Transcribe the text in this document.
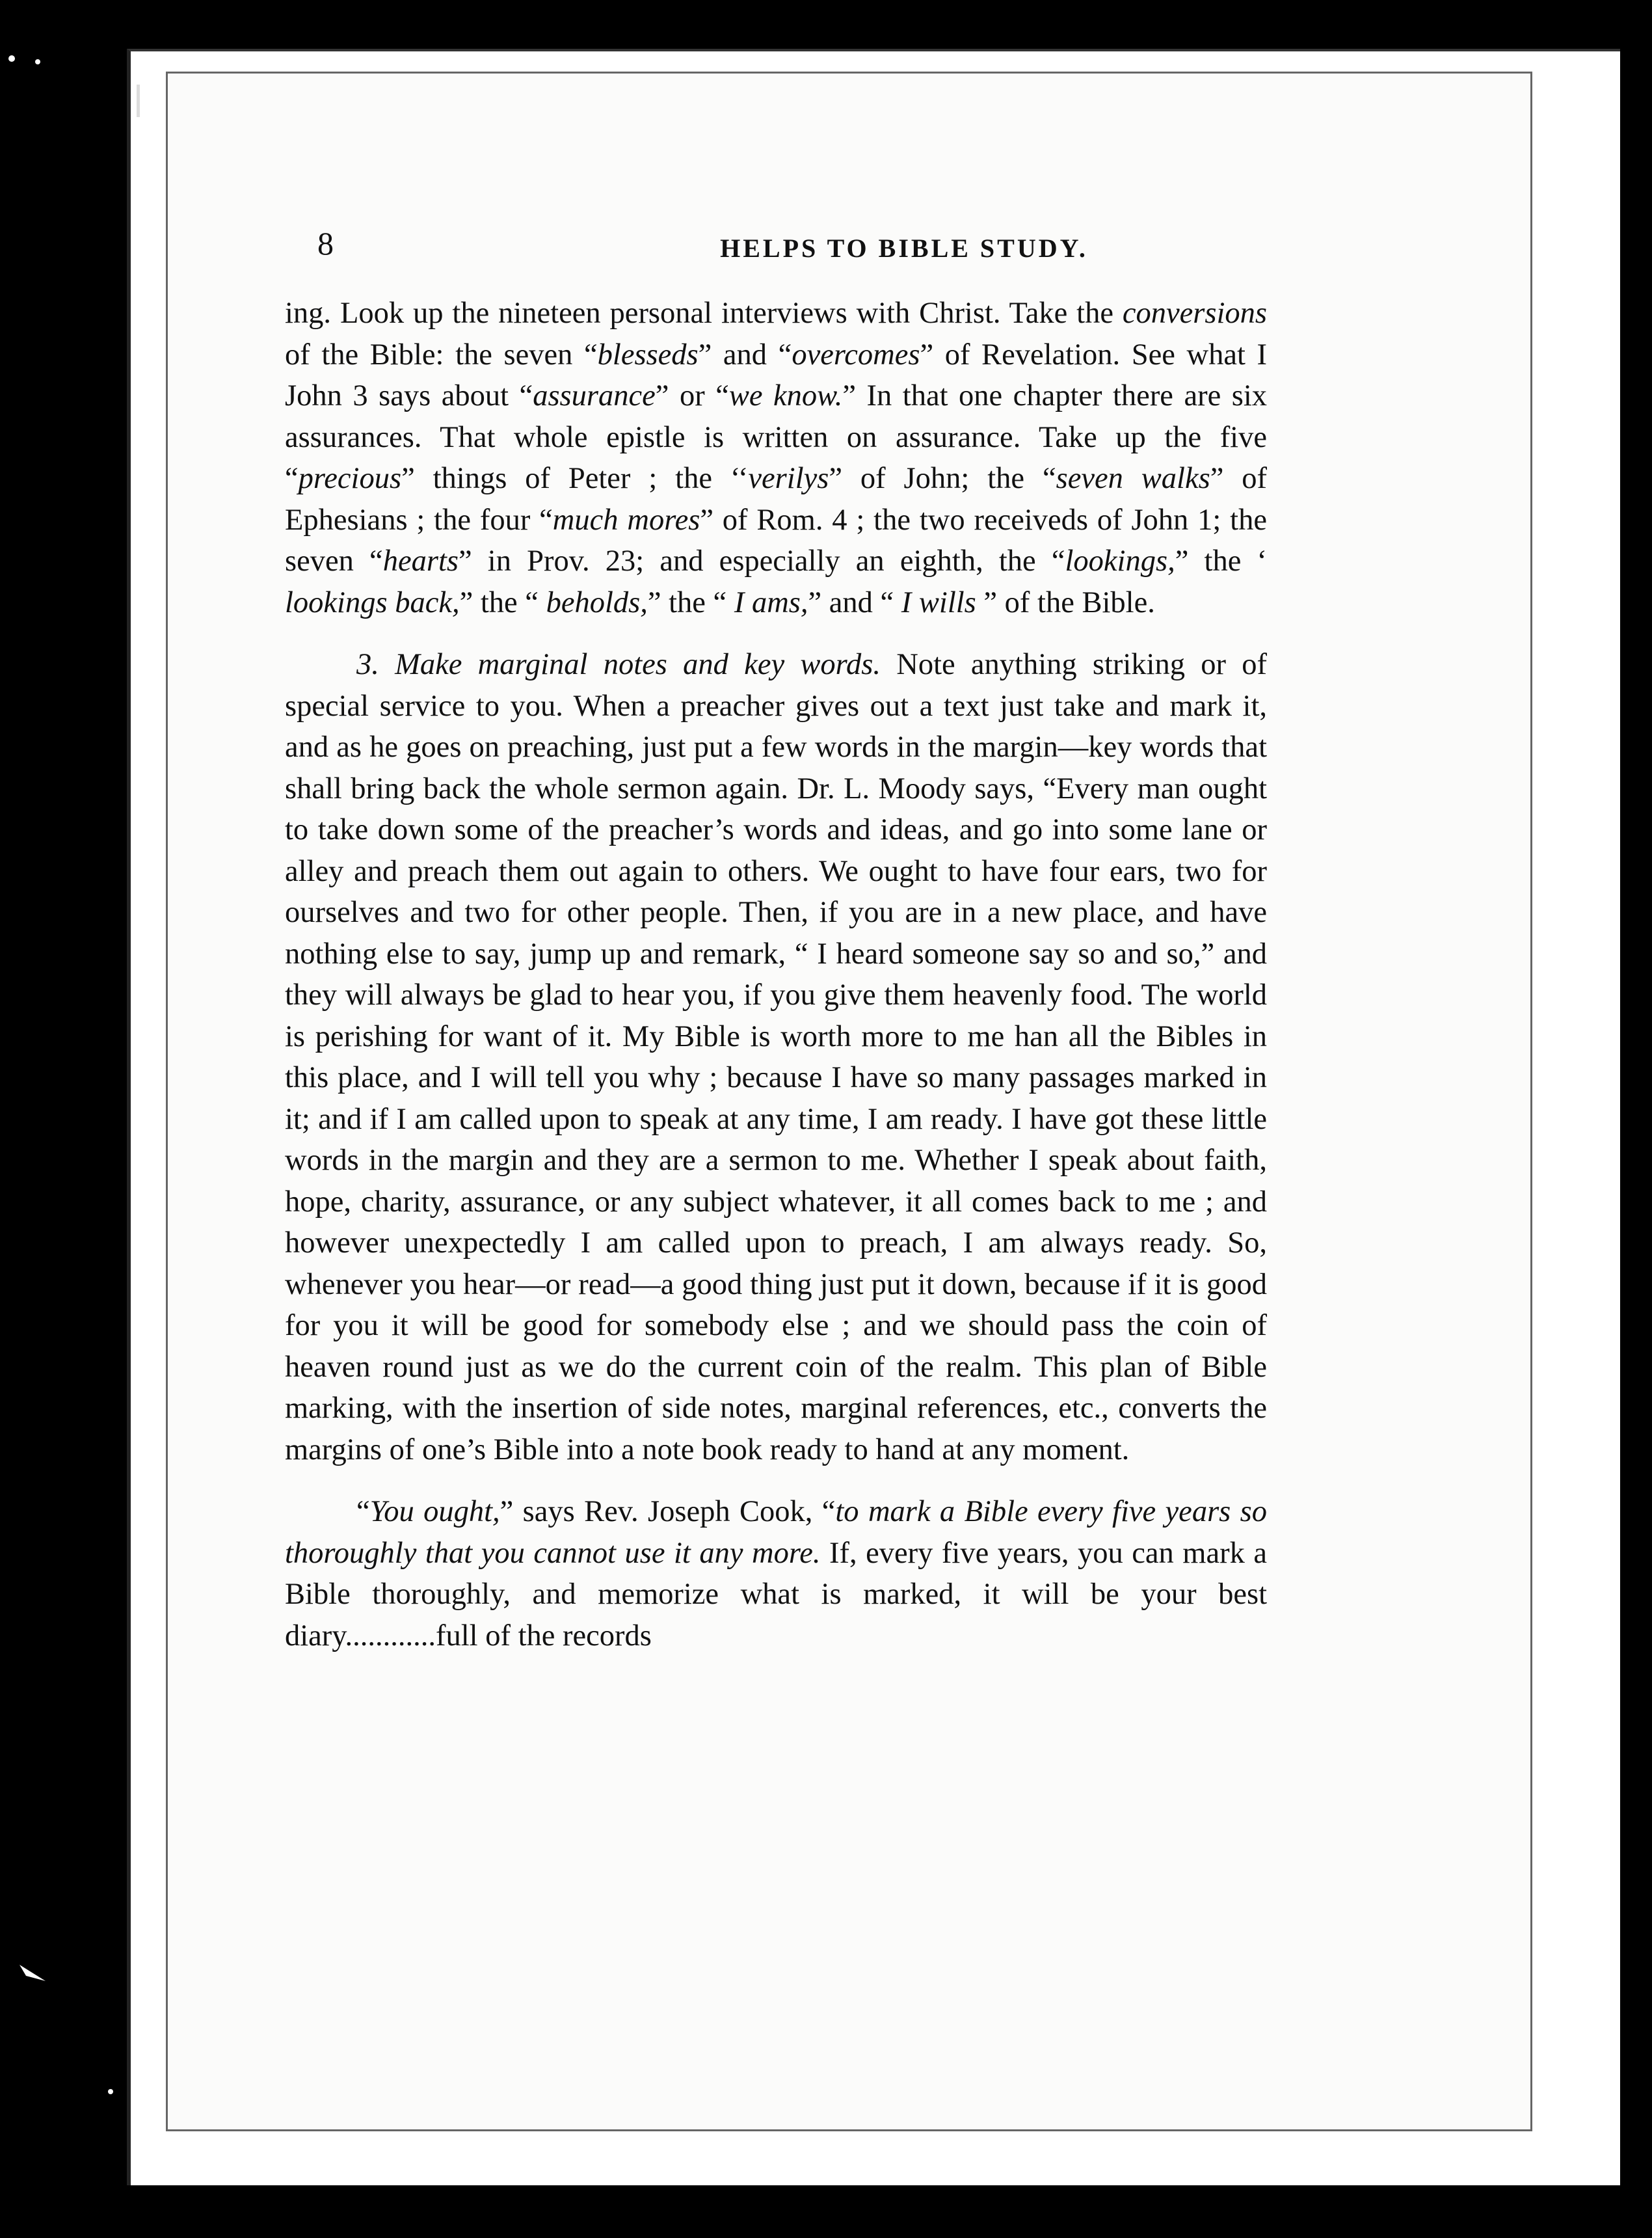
8	HELPS TO BIBLE STUDY.

ing. Look up the nineteen personal interviews with Christ. Take the conversions of the Bible: the seven “blesseds” and “overcomes” of Revelation. See what I John 3 says about “assurance” or “we know.” In that one chapter there are six assurances. That whole epistle is written on assurance. Take up the five “precious” things of Peter ; the ‘‘verilys” of John; the “seven walks” of Ephesians ; the four “much mores” of Rom. 4 ; the two receiveds of John 1; the seven “hearts” in Prov. 23; and especially an eighth, the “lookings,” the ‘ lookings back,” the “ beholds,” the “ I ams,” and “ I wills ” of the Bible.

3. Make marginal notes and key words. Note anything striking or of special service to you. When a preacher gives out a text just take and mark it, and as he goes on preaching, just put a few words in the margin—key words that shall bring back the whole sermon again. Dr. L. Moody says, “Every man ought to take down some of the preacher’s words and ideas, and go into some lane or alley and preach them out again to others. We ought to have four ears, two for ourselves and two for other people. Then, if you are in a new place, and have nothing else to say, jump up and remark, “ I heard someone say so and so,” and they will always be glad to hear you, if you give them heavenly food. The world is perishing for want of it. My Bible is worth more to me han all the Bibles in this place, and I will tell you why ; because I have so many passages marked in it; and if I am called upon to speak at any time, I am ready. I have got these little words in the margin and they are a sermon to me. Whether I speak about faith, hope, charity, assurance, or any subject whatever, it all comes back to me ; and however unexpectedly I am called upon to preach, I am always ready. So, whenever you hear—or read—a good thing just put it down, because if it is good for you it will be good for somebody else ; and we should pass the coin of heaven round just as we do the current coin of the realm. This plan of Bible marking, with the insertion of side notes, marginal references, etc., converts the margins of one’s Bible into a note book ready to hand at any moment.

“You ought,” says Rev. Joseph Cook, “to mark a Bible every five years so thoroughly that you cannot use it any more. If, every five years, you can mark a Bible thoroughly, and memorize what is marked, it will be your best diary............full of the records
